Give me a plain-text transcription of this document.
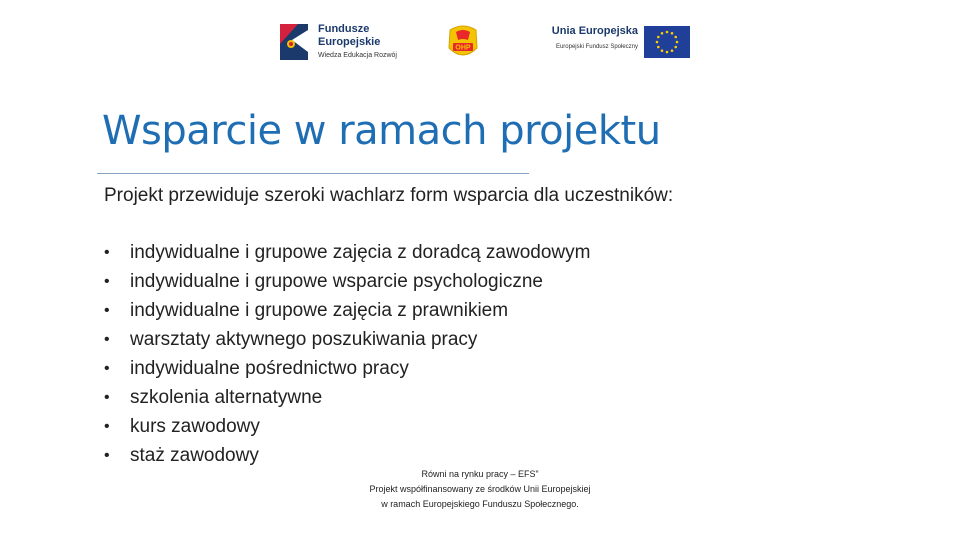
Fundusze
Europejskie
Wiedza Edukacja Rozwój
OHP
Unia Europejska
Europejski Fundusz Społeczny
Wsparcie w ramach projektu
Projekt przewiduje szeroki wachlarz form wsparcia dla uczestników:
•	indywidualne i grupowe zajęcia z doradcą zawodowym
•	indywidualne i grupowe wsparcie psychologiczne
•	indywidualne i grupowe zajęcia z prawnikiem
•	warsztaty aktywnego poszukiwania pracy
•	indywidualne pośrednictwo pracy
•	szkolenia alternatywne
•	kurs zawodowy
•	staż zawodowy
Równi na rynku pracy – EFS”
Projekt współfinansowany ze środków Unii Europejskiej
w ramach Europejskiego Funduszu Społecznego.
